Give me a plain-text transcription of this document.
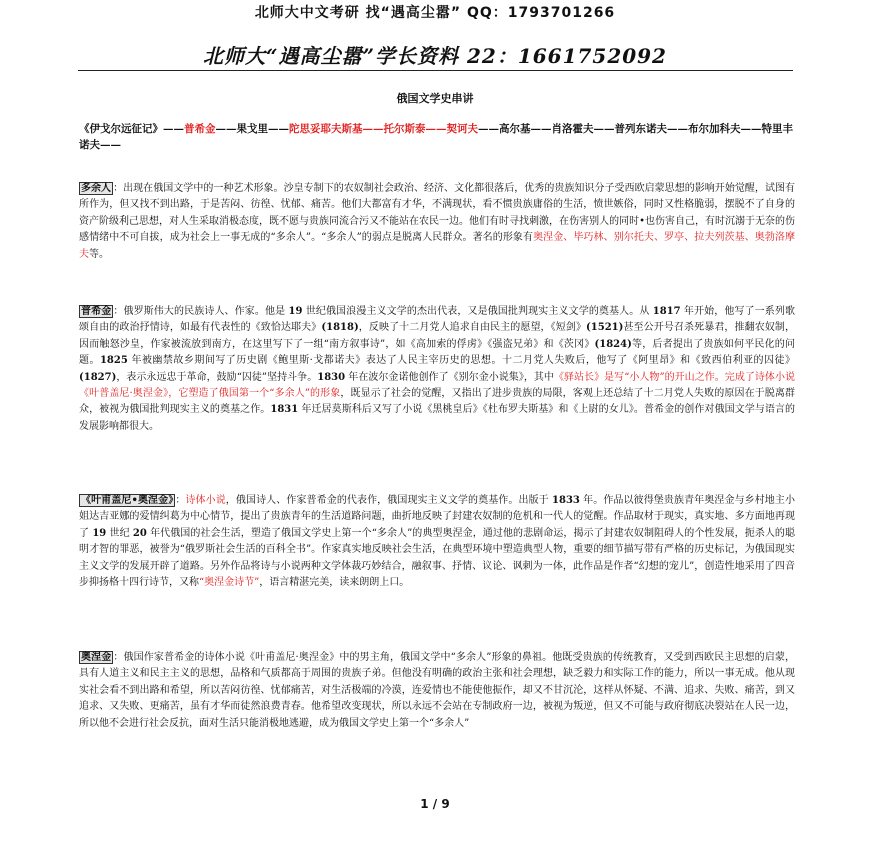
北师大中文考研 找“遇高尘嚣” QQ：1793701266
北师大“遇高尘嚣”学长资料 22：1661752092
俄国文学史串讲
《伊戈尔远征记》——普希金——果戈里——陀思妥耶夫斯基——托尔斯泰——契诃夫——高尔基——肖洛霍夫——普列东诺夫——布尔加科夫——特里丰诺夫——
多余人 ：出现在俄国文学中的一种艺术形象。沙皇专制下的农奴制社会政治、经济、文化都很落后，优秀的贵族知识分子受西欧启蒙思想的影响开始觉醒，试图有所作为，但又找不到出路，于是苦闷、彷徨、忧郁、痛苦。他们大都富有才华，不满现状，看不惯贵族庸俗的生活，愤世嫉俗，同时又性格脆弱，摆脱不了自身的资产阶级利己思想，对人生采取消极态度，既不愿与贵族同流合污又不能站在农民一边。他们有时寻找刺激，在伤害别人的同时•也伤害自己，有时沉溺于无奈的伤感情绪中不可自拔，成为社会上一事无成的“多余人”。“多余人”的弱点是脱离人民群众。著名的形象有奥涅金、毕巧林、别尔托夫、罗亭、拉夫列茨基、奥勃洛摩夫等。
普希金 ：俄罗斯伟大的民族诗人、作家。他是 19 世纪俄国浪漫主义文学的杰出代表，又是俄国批判现实主义文学的奠基人。从 1817 年开始，他写了一系列歌颂自由的政治抒情诗，如最有代表性的《致恰达耶夫》(1818)，反映了十二月党人追求自由民主的愿望，《短剑》(1521)甚至公开号召杀死暴君，推翻农奴制，因而触怒沙皇，作家被流放到南方，在这里写下了一组“南方叙事诗”，如《高加索的俘虏》《强盗兄弟》和《茨冈》(1824)等，后者提出了贵族如何平民化的问题。1825 年被幽禁故乡期间写了历史剧《鲍里斯·戈都诺夫》表达了人民主宰历史的思想。十二月党人失败后，他写了《阿里昂》和《致西伯利亚的囚徒》(1827)，表示永远忠于革命，鼓励“囚徒”坚持斗争。1830 年在波尔金诺他创作了《别尔金小说集》，其中《驿站长》是写“小人物”的开山之作。完成了诗体小说《叶普盖尼·奥涅金》，它塑造了俄国第一个“多余人”的形象，既显示了社会的觉醒，又指出了进步贵族的局限，客观上还总结了十二月党人失败的原因在于脱离群众，被视为俄国批判现实主义的奠基之作。1831 年迁居莫斯科后又写了小说《黑桃皇后》《杜布罗夫斯基》和《上尉的女儿》。普希金的创作对俄国文学与语言的发展影响都很大。
《叶甫盖尼•奥涅金》 ：诗体小说，俄国诗人、作家普希金的代表作，俄国现实主义文学的奠基作。出版于 1833 年。作品以彼得堡贵族青年奥涅金与乡村地主小姐达吉亚娜的爱情纠葛为中心情节，提出了贵族青年的生活道路问题，曲折地反映了封建农奴制的危机和一代人的觉醒。作品取材于现实，真实地、多方面地再现了 19 世纪 20 年代俄国的社会生活，塑造了俄国文学史上第一个“多余人”的典型奥涅金，通过他的悲剧命运，揭示了封建农奴制阻碍人的个性发展，扼杀人的聪明才智的罪恶，被誉为“俄罗斯社会生活的百科全书”。作家真实地反映社会生活，在典型环境中塑造典型人物，重要的细节描写带有严格的历史标记，为俄国现实主义文学的发展开辟了道路。另外作品将诗与小说两种文学体裁巧妙结合，融叙事、抒情、议论、讽刺为一体，此作品是作者“幻想的宠儿”，创造性地采用了四音步抑扬格十四行诗节，又称“奥涅金诗节”，语言精湛完美，读来朗朗上口。
奥涅金 ：俄国作家普希金的诗体小说《叶甫盖尼·奥涅金》中的男主角，俄国文学中“多余人”形象的鼻祖。他既受贵族的传统教育，又受到西欧民主思想的启蒙，具有人道主义和民主主义的思想，品格和气质都高于周围的贵族子弟。但他没有明确的政治主张和社会理想，缺乏毅力和实际工作的能力，所以一事无成。他从现实社会看不到出路和希望，所以苦闷彷徨、忧郁痛苦，对生活极端的冷漠，连爱情也不能使他振作，却又不甘沉沦，这样从怀疑、不满、追求、失败、痛苦，到又追求、又失败、更痛苦，虽有才华而徒然浪费青春。他希望改变现状，所以永远不会站在专制政府一边，被视为叛逆，但又不可能与政府彻底决裂站在人民一边，所以他不会进行社会反抗，面对生活只能消极地逃避，成为俄国文学史上第一个“多余人”
1 / 9
